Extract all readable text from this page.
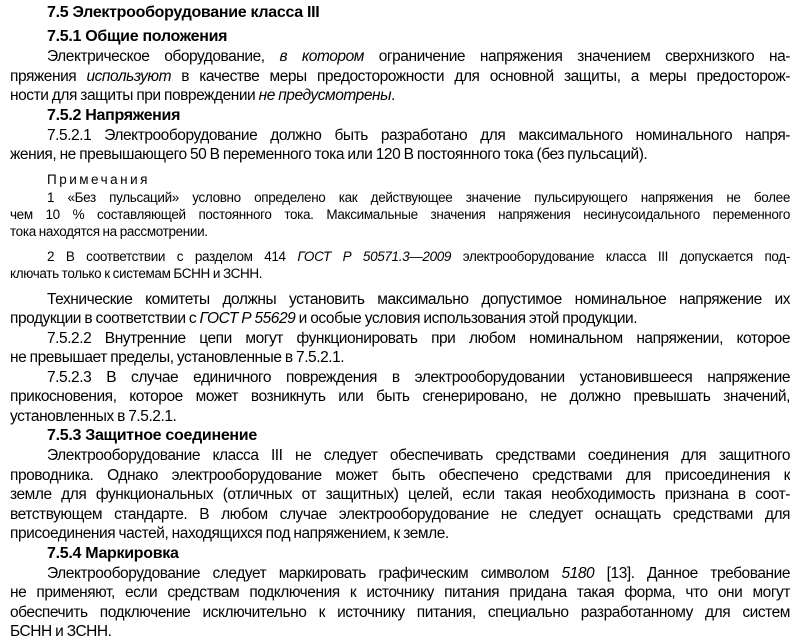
7.5 Электрооборудование класса III
7.5.1 Общие положения
Электрическое оборудование, в котором ограничение напряжения значением сверхнизкого на-
пряжения используют в качестве меры предосторожности для основной защиты, а меры предосторож-
ности для защиты при повреждении не предусмотрены.
7.5.2 Напряжения
7.5.2.1 Электрооборудование должно быть разработано для максимального номинального напря-
жения, не превышающего 50 В переменного тока или 120 В постоянного тока (без пульсаций).
Примечания
1 «Без пульсаций» условно определено как действующее значение пульсирующего напряжения не более
чем 10 % составляющей постоянного тока. Максимальные значения напряжения несинусоидального переменного
тока находятся на рассмотрении.
2 В соответствии с разделом 414 ГОСТ Р 50571.3—2009 электрооборудование класса III допускается под-
ключать только к системам БСНН и ЗСНН.
Технические комитеты должны установить максимально допустимое номинальное напряжение их
продукции в соответствии с ГОСТ Р 55629 и особые условия использования этой продукции.
7.5.2.2 Внутренние цепи могут функционировать при любом номинальном напряжении, которое
не превышает пределы, установленные в 7.5.2.1.
7.5.2.3 В случае единичного повреждения в электрооборудовании установившееся напряжение
прикосновения, которое может возникнуть или быть сгенерировано, не должно превышать значений,
установленных в 7.5.2.1.
7.5.3 Защитное соединение
Электрооборудование класса III не следует обеспечивать средствами соединения для защитного
проводника. Однако электрооборудование может быть обеспечено средствами для присоединения к
земле для функциональных (отличных от защитных) целей, если такая необходимость признана в соот-
ветствующем стандарте. В любом случае электрооборудование не следует оснащать средствами для
присоединения частей, находящихся под напряжением, к земле.
7.5.4 Маркировка
Электрооборудование следует маркировать графическим символом 5180 [13]. Данное требование
не применяют, если средствам подключения к источнику питания придана такая форма, что они могут
обеспечить подключение исключительно к источнику питания, специально разработанному для систем
БСНН и ЗСНН.
